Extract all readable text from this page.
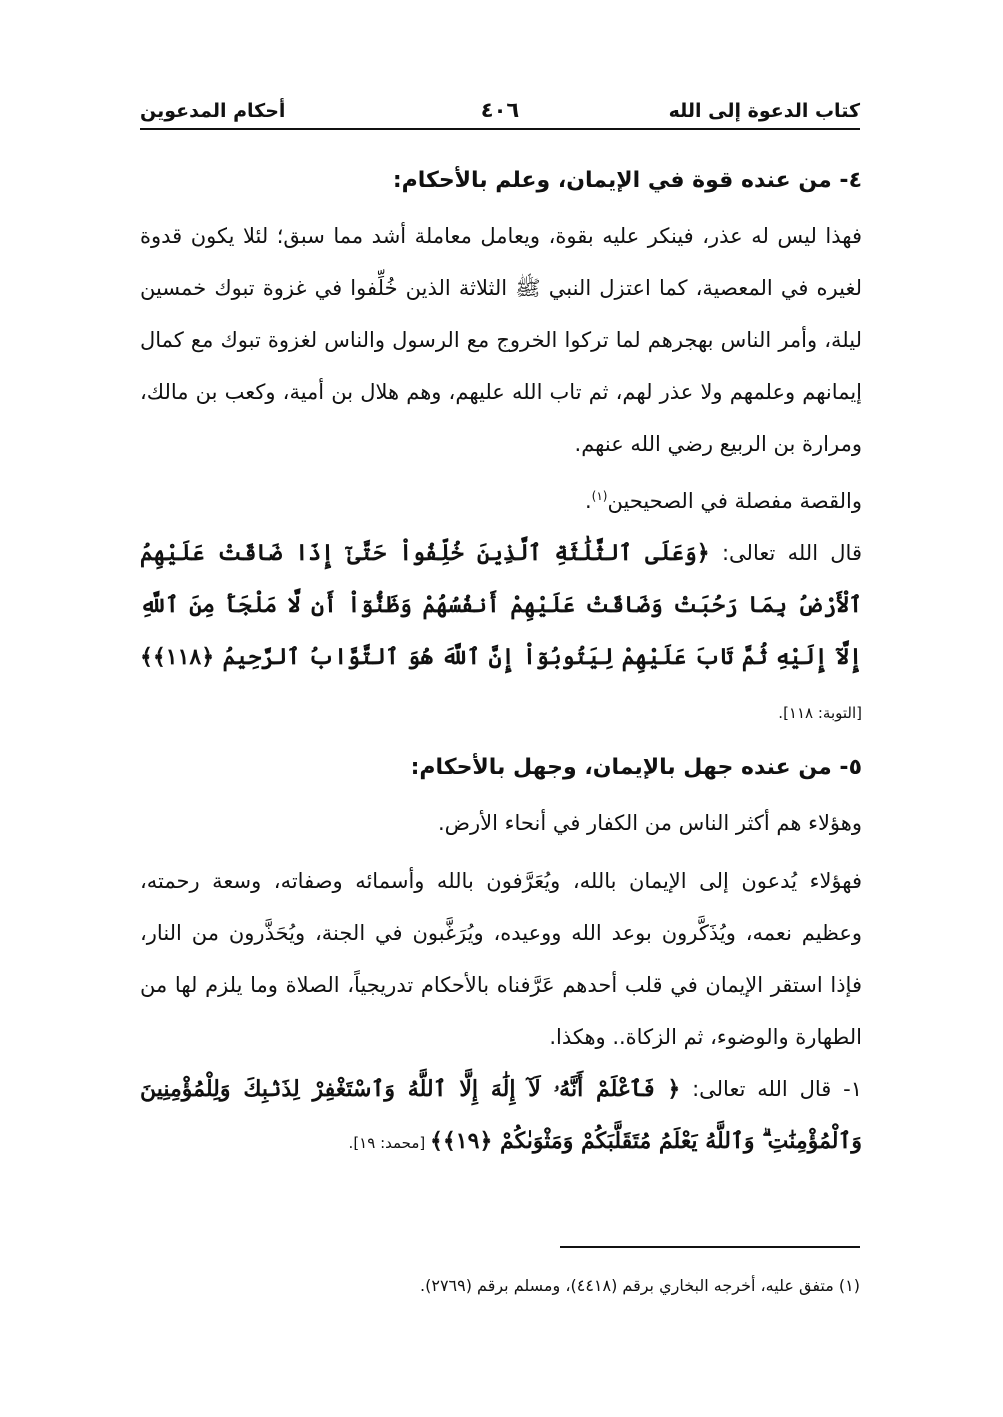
كتاب الدعوة إلى الله
٤٠٦
أحكام المدعوين

٤- من عنده قوة في الإيمان، وعلم بالأحكام:

فهذا ليس له عذر، فينكر عليه بقوة، ويعامل معاملة أشد مما سبق؛ لئلا يكون قدوة لغيره في المعصية، كما اعتزل النبي ﷺ الثلاثة الذين خُلِّفوا في غزوة تبوك خمسين ليلة، وأمر الناس بهجرهم لما تركوا الخروج مع الرسول والناس لغزوة تبوك مع كمال إيمانهم وعلمهم ولا عذر لهم، ثم تاب الله عليهم، وهم هلال بن أمية، وكعب بن مالك، ومرارة بن الربيع رضي الله عنهم.

والقصة مفصلة في الصحيحين$^{(١)}$.

قال الله تعالى: ﴿وَعَلَى ٱلثَّلَٰثَةِ ٱلَّذِينَ خُلِّفُواْ حَتَّىٰٓ إِذَا ضَاقَتْ عَلَيْهِمُ ٱلْأَرْضُ بِمَا رَحُبَتْ وَضَاقَتْ عَلَيْهِمْ أَنفُسُهُمْ وَظَنُّوٓاْ أَن لَّا مَلْجَأَ مِنَ ٱللَّهِ إِلَّآ إِلَيْهِ ثُمَّ تَابَ عَلَيْهِمْ لِيَتُوبُوٓاْ إِنَّ ٱللَّهَ هُوَ ٱلتَّوَّابُ ٱلرَّحِيمُ ﴿١١٨﴾﴾ [التوبة: ١١٨].

٥- من عنده جهل بالإيمان، وجهل بالأحكام:

وهؤلاء هم أكثر الناس من الكفار في أنحاء الأرض.

فهؤلاء يُدعون إلى الإيمان بالله، ويُعَرَّفون بالله وأسمائه وصفاته، وسعة رحمته، وعظيم نعمه، ويُذَكَّرون بوعد الله ووعيده، ويُرَغَّبون في الجنة، ويُحَذَّرون من النار، فإذا استقر الإيمان في قلب أحدهم عَرَّفناه بالأحكام تدريجياً، الصلاة وما يلزم لها من الطهارة والوضوء، ثم الزكاة.. وهكذا.

١- قال الله تعالى: ﴿ فَٱعْلَمْ أَنَّهُۥ لَآ إِلَٰهَ إِلَّا ٱللَّهُ وَٱسْتَغْفِرْ لِذَنۢبِكَ وَلِلْمُؤْمِنِينَ وَٱلْمُؤْمِنَٰتِ ۗ وَٱللَّهُ يَعْلَمُ مُتَقَلَّبَكُمْ وَمَثْوَىٰكُمْ ﴿١٩﴾﴾ [محمد: ١٩].

(١) متفق عليه، أخرجه البخاري برقم (٤٤١٨)، ومسلم برقم (٢٧٦٩).
